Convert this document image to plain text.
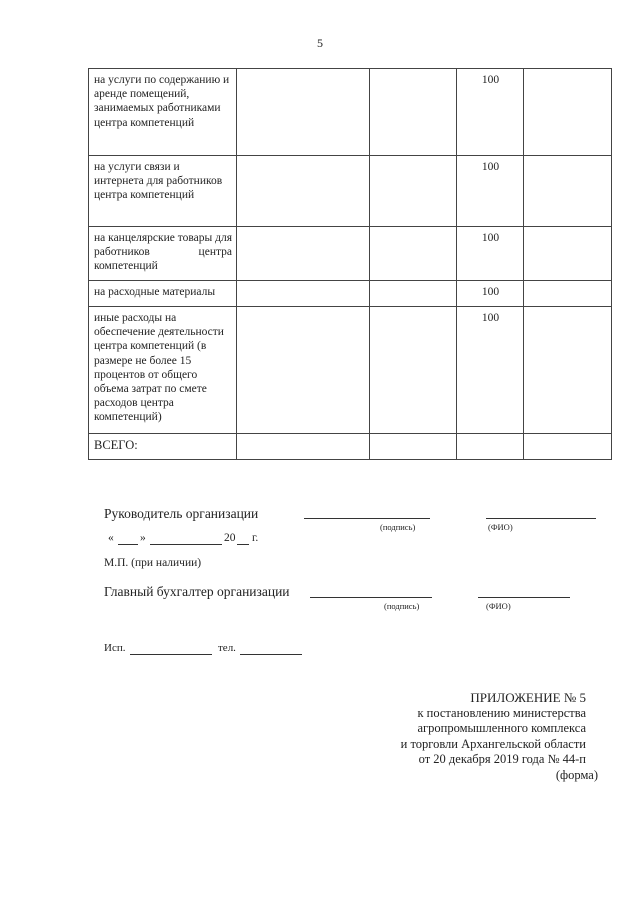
5
на услуги по содержанию и аренде помещений, занимаемых работниками центра компетенций			100	
на услуги связи и интернета для работников центра компетенций			100	
на канцелярские товары для работников центра компетенций			100	
на расходные материалы			100	
иные расходы на обеспечение деятельности центра компетенций (в размере не более 15 процентов от общего объема затрат по смете расходов центра компетенций)			100	
ВСЕГО:				
Руководитель организации
(подпись)	(ФИО)
« »	20 г.
М.П. (при наличии)
Главный бухгалтер организации
(подпись)	(ФИО)
Исп.	тел.
ПРИЛОЖЕНИЕ № 5
к постановлению министерства
агропромышленного комплекса
и торговли Архангельской области
от 20 декабря 2019 года № 44-п
(форма)
